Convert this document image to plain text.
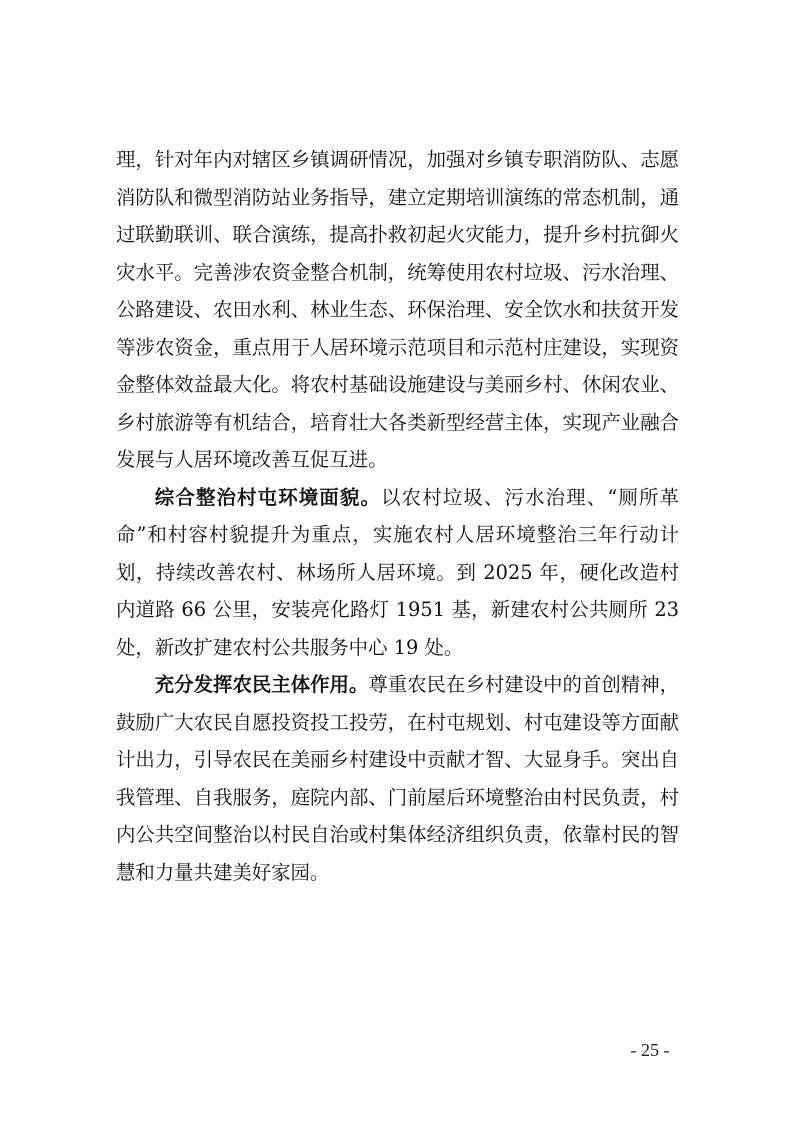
理，针对年内对辖区乡镇调研情况，加强对乡镇专职消防队、志愿消防队和微型消防站业务指导，建立定期培训演练的常态机制，通过联勤联训、联合演练，提高扑救初起火灾能力，提升乡村抗御火灾水平。完善涉农资金整合机制，统筹使用农村垃圾、污水治理、公路建设、农田水利、林业生态、环保治理、安全饮水和扶贫开发等涉农资金，重点用于人居环境示范项目和示范村庄建设，实现资金整体效益最大化。将农村基础设施建设与美丽乡村、休闲农业、乡村旅游等有机结合，培育壮大各类新型经营主体，实现产业融合发展与人居环境改善互促互进。

综合整治村屯环境面貌。以农村垃圾、污水治理、“厕所革命”和村容村貌提升为重点，实施农村人居环境整治三年行动计划，持续改善农村、林场所人居环境。到 2025 年，硬化改造村内道路 66 公里，安装亮化路灯 1951 基，新建农村公共厕所 23 处，新改扩建农村公共服务中心 19 处。

充分发挥农民主体作用。尊重农民在乡村建设中的首创精神，鼓励广大农民自愿投资投工投劳，在村屯规划、村屯建设等方面献计出力，引导农民在美丽乡村建设中贡献才智、大显身手。突出自我管理、自我服务，庭院内部、门前屋后环境整治由村民负责，村内公共空间整治以村民自治或村集体经济组织负责，依靠村民的智慧和力量共建美好家园。

- 25 -
